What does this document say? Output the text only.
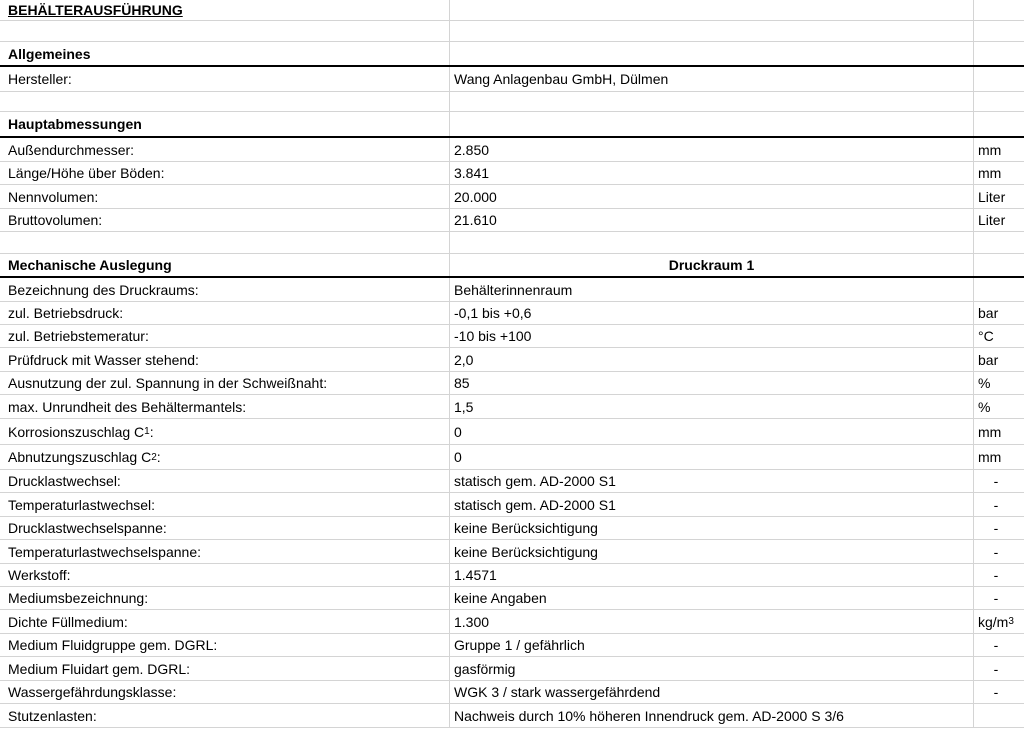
BEHÄLTERAUSFÜHRUNG
Allgemeines
Hersteller:	Wang Anlagenbau GmbH, Dülmen
Hauptabmessungen
Außendurchmesser:	2.850	mm
Länge/Höhe über Böden:	3.841	mm
Nennvolumen:	20.000	Liter
Bruttovolumen:	21.610	Liter
Mechanische Auslegung	Druckraum 1
Bezeichnung des Druckraums:	Behälterinnenraum
zul. Betriebsdruck:	-0,1 bis +0,6	bar
zul. Betriebstemeratur:	-10 bis +100	°C
Prüfdruck mit Wasser stehend:	2,0	bar
Ausnutzung der zul. Spannung in der Schweißnaht:	85	%
max. Unrundheit des Behältermantels:	1,5	%
Korrosionszuschlag C 1 :	0	mm
Abnutzungszuschlag C 2 :	0	mm
Drucklastwechsel:	statisch gem. AD-2000 S1	-
Temperaturlastwechsel:	statisch gem. AD-2000 S1	-
Drucklastwechselspanne:	keine Berücksichtigung	-
Temperaturlastwechselspanne:	keine Berücksichtigung	-
Werkstoff:	1.4571	-
Mediumsbezeichnung:	keine Angaben	-
Dichte Füllmedium:	1.300	kg/m 3
Medium Fluidgruppe gem. DGRL:	Gruppe 1 / gefährlich	-
Medium Fluidart gem. DGRL:	gasförmig	-
Wassergefährdungsklasse:	WGK 3 / stark wassergefährdend	-
Stutzenlasten:	Nachweis durch 10% höheren Innendruck gem. AD-2000 S 3/6
